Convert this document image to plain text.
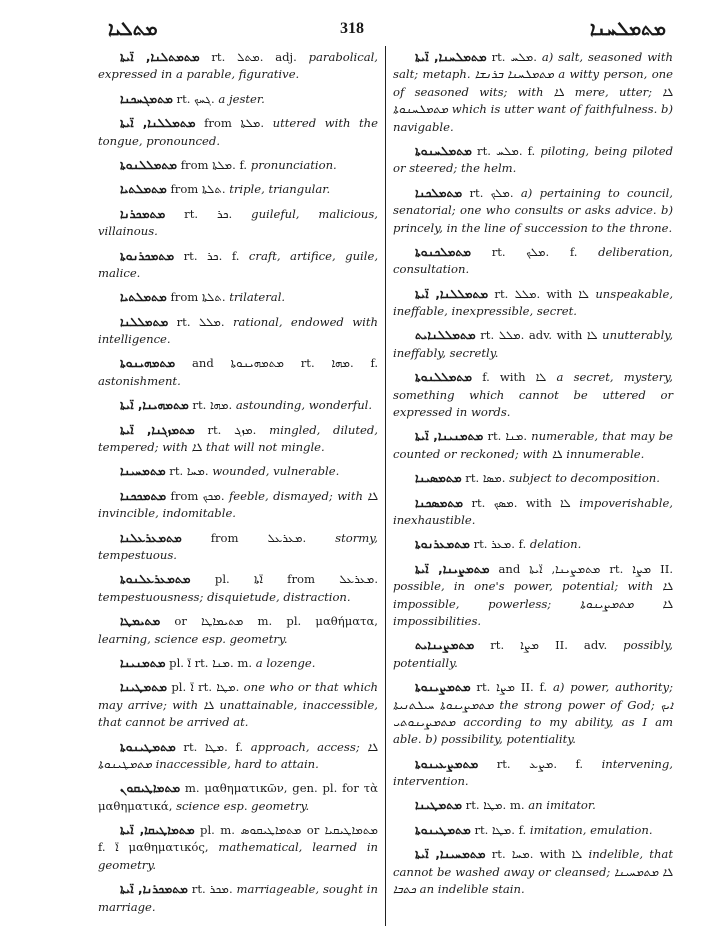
ܡܬܠܝܐ	318	ܡܬܡܠܚܢܐ

ܡܬܡܬܠܢܐ, ܐ̈ܝܬܐ rt. ܡܬܠ. adj. parabolical, expressed in a parable, figurative.

ܡܬܡܓܚܟܢܐ rt. ܓܚܟ. a jester.

ܡܬܡܠܠܢܐ, ܐ̈ܝܬܐ from ܡܠܬܐ. uttered with the tongue, pronounced.

ܡܬܡܠܠܢܘܬܐ from ܡܠܬܐ. f. pronunciation.

ܡܬܡܠܬܝܐ from ܬܠܬܐ. triple, triangular.

ܡܬܡܟܪܢܐ rt. ܟܪ. guileful, malicious, villainous.

ܡܬܡܟܪܢܘܬܐ rt. ܟܪ. f. craft, artifice, guile, malice.

ܡܬܡܠܬܝܐ from ܬܠܬܐ. trilateral.

ܡܬܡܠܠܢܐ rt. ܡܠܠ. rational, endowed with intelligence.

ܡܬܡܗܝܢܘܬܐ and ܡܬܡܗܝܢܘܬܐ rt. ܡܗܐ. f. astonishment.

ܡܬܡܗܝܢܐ, ܐ̈ܝܬܐ rt. ܡܗܐ. astounding, wonderful.

ܡܬܡܙܓܢܐ, ܐ̈ܝܬܐ rt. ܡܙܓ. mingled, diluted, tempered; with ܠܐ that will not mingle.

ܡܬܡܚܝܢܐ rt. ܡܚܐ. wounded, vulnerable.

ܡܬܡܟܟܢܐ from ܡܟܟ. feeble, dismayed; with ܠܐ invincible, indomitable.

ܡܬܡܥܪܥܠܢܐ from ܡܥܪܥܠ. stormy, tempestuous.

ܡܬܡܥܪܥܠܢܘܬܐ pl. ܐ̈ܬܐ from ܡܥܪܥܠ. tempestuousness; disquietude, distraction.

ܡܬܝܡܛܐ or ܡܬܝܡܐܛܐ m. pl. μαθήματα, learning, science esp. geometry.

ܡܬܡܢܝܢܐ pl. ܐ̈ rt. ܡܢܐ. m. a lozenge.

ܡܬܡܛܝܢܐ pl. ܐ̈ rt. ܡܛܐ. one who or that which may arrive; with ܠܐ unattainable, inaccessible, that cannot be arrived at.

ܡܬܡܛܝܢܘܬܐ rt. ܡܛܐ. f. approach, access; ܠܐ ܡܬܡܛܝܢܘܬܐ inaccessible, hard to attain.

ܡܬܡܐܛܝܩܘܢ m. μαθηματικῶν, gen. pl. for τὰ μαθηματικά, science esp. geometry.

ܡܬܡܐܛܝܩܐ, ܐ̈ܝܬܐ pl. m. ܡܬܡܐܛܝܩܘܣ or ܡܬܡܐܛܝܩܝܐ f. ܐ̈ μαθηματικός, mathematical, learned in geometry.

ܡܬܡܟܪܢܐ, ܐ̈ܝܬܐ rt. ܡܟܪ. marriageable, sought in marriage.

ܡܬܡܠܚܢܐ, ܐ̈ܝܬܐ rt. ܡܠܚ. a) salt, seasoned with salt; metaph. ܡܬܡܠܚܢܐ ܒܪܢܫܐ a witty person, one of seasoned wits; with ܠܐ mere, utter; ܠܐ ܡܬܡܠܚܢܘܬܐ which is utter want of faithfulness. b) navigable.

ܡܬܡܠܚܢܘܬܐ rt. ܡܠܚ. f. piloting, being piloted or steered; the helm.

ܡܬܡܠܟܢܐ rt. ܡܠܟ. a) pertaining to council, senatorial; one who consults or asks advice. b) princely, in the line of succession to the throne.

ܡܬܡܠܟܢܘܬܐ rt. ܡܠܟ. f. deliberation, consultation.

ܡܬܡܠܠܢܐ, ܐ̈ܝܬܐ rt. ܡܠܠ. with ܠܐ unspeakable, ineffable, inexpressible, secret.

ܡܬܡܠܠܢܐܝܬ rt. ܡܠܠ. adv. with ܠܐ unutterably, ineffably, secretly.

ܡܬܡܠܠܢܘܬܐ f. with ܠܐ a secret, mystery, something which cannot be uttered or expressed in words.

ܡܬܡܢܝܢܐ, ܐ̈ܝܬܐ rt. ܡܢܐ. numerable, that may be counted or reckoned; with ܠܐ innumerable.

ܡܬܡܣܝܢܐ rt. ܡܣܐ. subject to decomposition.

ܡܬܡܣܟܢܐ rt. ܡܣܟ. with ܠܐ impoverishable, inexhaustible.

ܡܬܡܥܪܢܘܬܐ rt. ܡܥܪ. f. delation.

ܡܬܡܨܝܢܐ, ܐ̈ܝܬܐ and ܡܬܡܨܝܢܐ, ܐ̈ܝܬܐ rt. ܡܨܐ II. possible, in one's power, potential; with ܠܐ impossible, powerless; ܠܐ ܡܬܡܨܝܢܘܬܐ impossibilities.

ܡܬܡܨܝܢܐܝܬ rt. ܡܨܐ II. adv. possibly, potentially.

ܡܬܡܨܝܢܘܬܐ rt. ܡܨܐ II. f. a) power, authority; ܡܬܡܨܝܢܘܬܐ ܚܝܠܬܢܝܬܐ the strong power of God; ܐܝܟ ܡܬܡܨܝܢܘܬܝ according to my ability, as I am able. b) possibility, potentiality.

ܡܬܡܨܥܝܢܘܬܐ rt. ܡܨܥ. f. intervening, intervention.

ܡܬܡܛܝܢܐ rt. ܡܛܐ. m. an imitator.

ܡܬܡܛܝܢܘܬܐ rt. ܡܛܐ. f. imitation, emulation.

ܡܬܡܚܝܢܐ, ܐ̈ܝܬܐ rt. ܡܚܐ. with ܠܐ indelible, that cannot be washed away or cleansed; ܠܐ ܡܬܡܚܝܢܐ ܟܬܒܐ an indelible stain.
